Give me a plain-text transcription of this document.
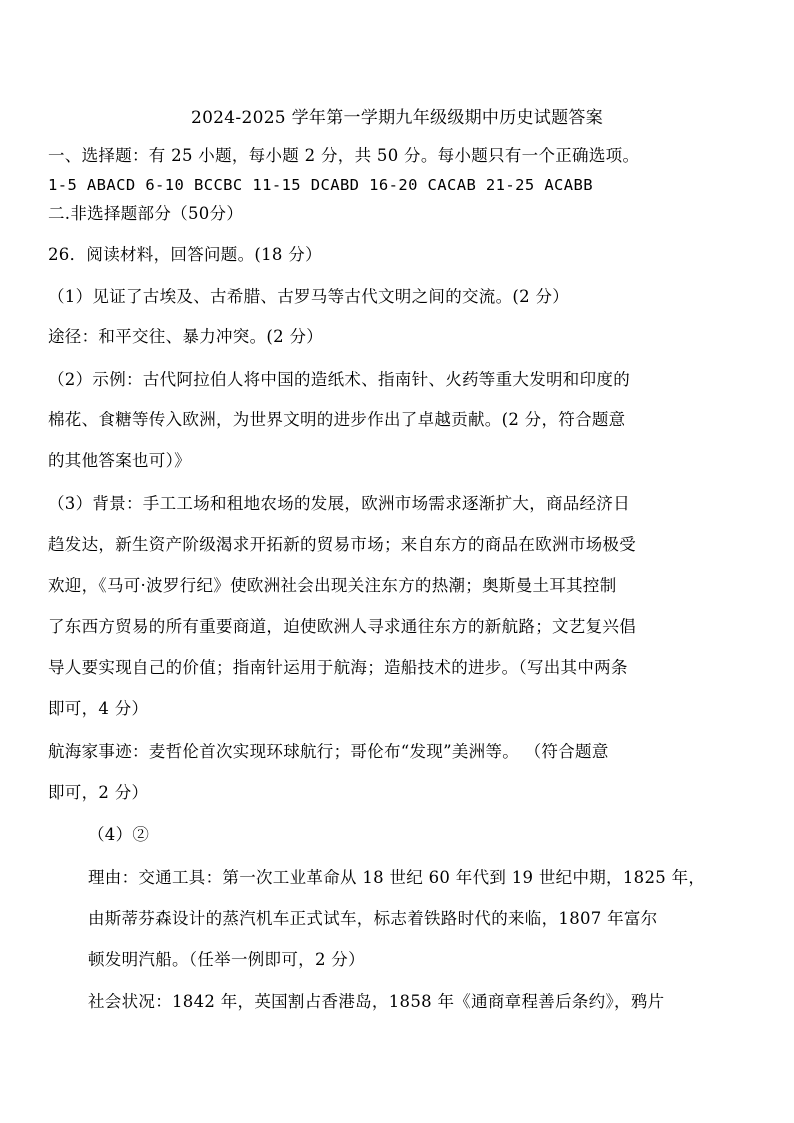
2024-2025 学年第一学期九年级级期中历史试题答案

一、选择题：有 25 小题，每小题 2 分，共 50 分。每小题只有一个正确选项。

1-5 ABACD 6-10 BCCBC 11-15 DCABD 16-20 CACAB 21-25 ACABB

二.非选择题部分（50分）

26．阅读材料，回答问题。(18 分）

（1）见证了古埃及、古希腊、古罗马等古代文明之间的交流。(2 分）

途径：和平交往、暴力冲突。(2 分）

（2）示例：古代阿拉伯人将中国的造纸术、指南针、火药等重大发明和印度的

棉花、食糖等传入欧洲，为世界文明的进步作出了卓越贡献。(2 分，符合题意

的其他答案也可）》

（3）背景：手工工场和租地农场的发展，欧洲市场需求逐渐扩大，商品经济日

趋发达，新生资产阶级渴求开拓新的贸易市场；来自东方的商品在欧洲市场极受

欢迎，《马可·波罗行纪》使欧洲社会出现关注东方的热潮；奥斯曼土耳其控制

了东西方贸易的所有重要商道，迫使欧洲人寻求通往东方的新航路；文艺复兴倡

导人要实现自己的价值；指南针运用于航海；造船技术的进步。（写出其中两条

即可，4 分）

航海家事迹：麦哲伦首次实现环球航行；哥伦布“发现”美洲等。 （符合题意

即可，2 分）

（4）②

理由：交通工具：第一次工业革命从 18 世纪 60 年代到 19 世纪中期，1825 年，

由斯蒂芬森设计的蒸汽机车正式试车，标志着铁路时代的来临，1807 年富尔

顿发明汽船。（任举一例即可，2 分）

社会状况：1842 年，英国割占香港岛，1858 年《通商章程善后条约》，鸦片
